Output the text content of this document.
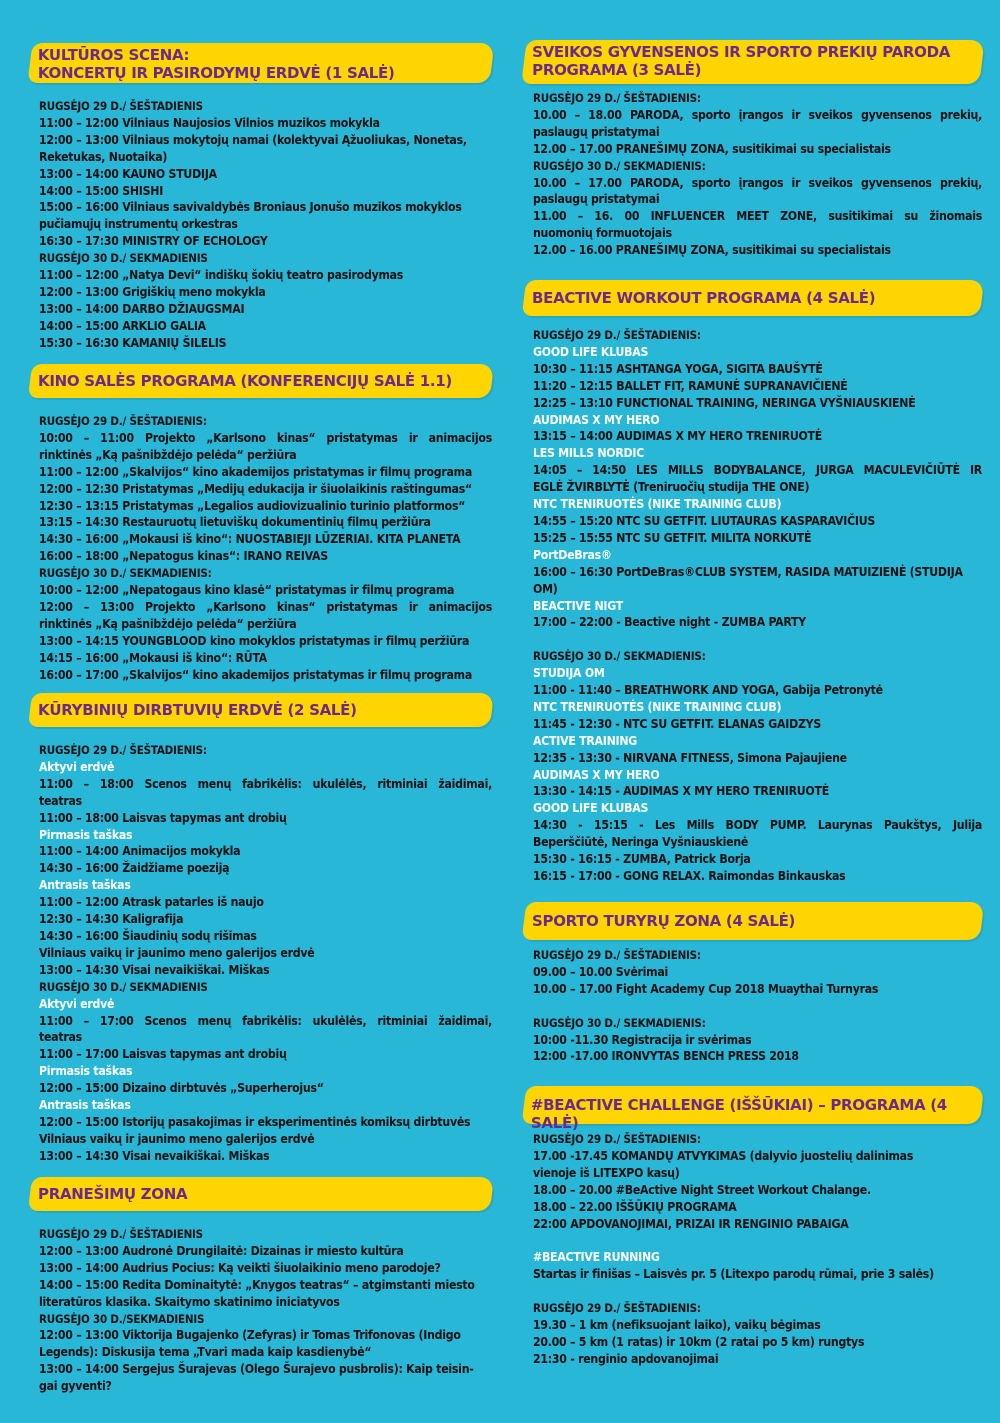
KULTŪROS SCENA:
KONCERTŲ IR PASIRODYMŲ ERDVĖ (1 SALĖ)
RUGSĖJO 29 D./ ŠEŠTADIENIS
11:00 – 12:00 Vilniaus Naujosios Vilnios muzikos mokykla
12:00 – 13:00 Vilniaus mokytojų namai (kolektyvai Ąžuoliukas, Nonetas,
Reketukas, Nuotaika)
13:00 – 14:00 KAUNO STUDIJA
14:00 – 15:00 SHISHI
15:00 – 16:00 Vilniaus savivaldybės Broniaus Jonušo muzikos mokyklos
pučiamųjų instrumentų orkestras
16:30 – 17:30 MINISTRY OF ECHOLOGY
RUGSĖJO 30 D./ SEKMADIENIS
11:00 – 12:00 „Natya Devi“ indiškų šokių teatro pasirodymas
12:00 – 13:00 Grigiškių meno mokykla
13:00 – 14:00 DARBO DŽIAUGSMAI
14:00 – 15:00 ARKLIO GALIA
15:30 – 16:30 KAMANIŲ ŠILELIS
KINO SALĖS PROGRAMA (KONFERENCIJŲ SALĖ 1.1)
RUGSĖJO 29 D./ ŠEŠTADIENIS:
10:00 – 11:00 Projekto „Karlsono kinas“ pristatymas ir animacijos
rinktinės „Ką pašnibždėjo pelėda“ peržiūra
11:00 – 12:00 „Skalvijos“ kino akademijos pristatymas ir filmų programa
12:00 – 12:30 Pristatymas „Medijų edukacija ir šiuolaikinis raštingumas“
12:30 – 13:15 Pristatymas „Legalios audiovizualinio turinio platformos“
13:15 – 14:30 Restauruotų lietuviškų dokumentinių filmų peržiūra
14:30 – 16:00 „Mokausi iš kino“: NUOSTABIEJI LŪZERIAI. KITA PLANETA
16:00 – 18:00 „Nepatogus kinas“: IRANO REIVAS
RUGSĖJO 30 D./ SEKMADIENIS:
10:00 – 12:00 „Nepatogaus kino klasė“ pristatymas ir filmų programa
12:00 – 13:00 Projekto „Karlsono kinas“ pristatymas ir animacijos
rinktinės „Ką pašnibždėjo pelėda“ peržiūra
13:00 – 14:15 YOUNGBLOOD kino mokyklos pristatymas ir filmų peržiūra
14:15 – 16:00 „Mokausi iš kino“: RŪTA
16:00 – 17:00 „Skalvijos“ kino akademijos pristatymas ir filmų programa
KŪRYBINIŲ DIRBTUVIŲ ERDVĖ (2 SALĖ)
RUGSĖJO 29 D./ ŠEŠTADIENIS:
Aktyvi erdvė
11:00 – 18:00 Scenos menų fabrikėlis: ukulėlės, ritminiai žaidimai,
teatras
11:00 – 18:00 Laisvas tapymas ant drobių
Pirmasis taškas
11:00 – 14:00 Animacijos mokykla
14:30 – 16:00 Žaidžiame poeziją
Antrasis taškas
11:00 – 12:00 Atrask patarles iš naujo
12:30 – 14:30 Kaligrafija
14:30 – 16:00 Šiaudinių sodų rišimas
Vilniaus vaikų ir jaunimo meno galerijos erdvė
13:00 – 14:30 Visai nevaikiškai. Miškas
RUGSĖJO 30 D./ SEKMADIENIS
Aktyvi erdvė
11:00 – 17:00 Scenos menų fabrikėlis: ukulėlės, ritminiai žaidimai,
teatras
11:00 – 17:00 Laisvas tapymas ant drobių
Pirmasis taškas
12:00 – 15:00 Dizaino dirbtuvės „Superherojus“
Antrasis taškas
12:00 – 15:00 Istorijų pasakojimas ir eksperimentinės komiksų dirbtuvės
Vilniaus vaikų ir jaunimo meno galerijos erdvė
13:00 – 14:30 Visai nevaikiškai. Miškas
PRANEŠIMŲ ZONA
RUGSĖJO 29 D./ ŠEŠTADIENIS
12:00 – 13:00 Audronė Drungilaitė: Dizainas ir miesto kultūra
13:00 – 14:00 Audrius Pocius: Ką veikti šiuolaikinio meno parodoje?
14:00 – 15:00 Redita Dominaitytė: „Knygos teatras“ – atgimstanti miesto
literatūros klasika. Skaitymo skatinimo iniciatyvos
RUGSĖJO 30 D./SEKMADIENIS
12:00 – 13:00 Viktorija Bugajenko (Zefyras) ir Tomas Trifonovas (Indigo
Legends): Diskusija tema „Tvari mada kaip kasdienybė“
13:00 – 14:00 Sergejus Šurajevas (Olego Šurajevo pusbrolis): Kaip teisin-
gai gyventi?
SVEIKOS GYVENSENOS IR SPORTO PREKIŲ PARODA
PROGRAMA (3 SALĖ)
RUGSĖJO 29 D./ ŠEŠTADIENIS:
10.00 – 18.00 PARODA, sporto įrangos ir sveikos gyvensenos prekių,
paslaugų pristatymai
12.00 – 17.00 PRANEŠIMŲ ZONA, susitikimai su specialistais
RUGSĖJO 30 D./ SEKMADIENIS:
10.00 – 17.00 PARODA, sporto įrangos ir sveikos gyvensenos prekių,
paslaugų pristatymai
11.00 – 16. 00 INFLUENCER MEET ZONE, susitikimai su žinomais
nuomonių formuotojais
12.00 – 16.00 PRANEŠIMŲ ZONA, susitikimai su specialistais
BEACTIVE WORKOUT PROGRAMA (4 SALĖ)
RUGSĖJO 29 D./ ŠEŠTADIENIS:
GOOD LIFE KLUBAS
10:30 – 11:15 ASHTANGA YOGA, SIGITA BAUŠYTĖ
11:20 – 12:15 BALLET FIT, RAMUNĖ SUPRANAVIČIENĖ
12:25 – 13:10 FUNCTIONAL TRAINING, NERINGA VYŠNIAUSKIENĖ
AUDIMAS X MY HERO
13:15 – 14:00 AUDIMAS X MY HERO TRENIRUOTĖ
LES MILLS NORDIC
14:05 – 14:50 LES MILLS BODYBALANCE, JURGA MACULEVIČIŪTĖ IR
EGLĖ ŽVIRBLYTĖ (Treniruočių studija THE ONE)
NTC TRENIRUOTĖS (NIKE TRAINING CLUB)
14:55 – 15:20 NTC SU GETFIT. LIUTAURAS KASPARAVIČIUS
15:25 – 15:55 NTC SU GETFIT. MILITA NORKUTĖ
PortDeBras®
16:00 – 16:30 PortDeBras®CLUB SYSTEM, RASIDA MATUIZIENĖ (STUDIJA
OM)
BEACTIVE NIGT
17:00 – 22:00 - Beactive night - ZUMBA PARTY
RUGSĖJO 30 D./ SEKMADIENIS:
STUDIJA OM
11:00 - 11:40 – BREATHWORK AND YOGA, Gabija Petronytė
NTC TRENIRUOTĖS (NIKE TRAINING CLUB)
11:45 - 12:30 - NTC SU GETFIT. ELANAS GAIDZYS
ACTIVE TRAINING
12:35 - 13:30 - NIRVANA FITNESS, Simona Pajaujiene
AUDIMAS X MY HERO
13:30 - 14:15 - AUDIMAS X MY HERO TRENIRUOTĖ
GOOD LIFE KLUBAS
14:30 - 15:15 - Les Mills BODY PUMP. Laurynas Paukštys, Julija
Beperščiūtė, Neringa Vyšniauskienė
15:30 - 16:15 - ZUMBA, Patrick Borja
16:15 - 17:00 - GONG RELAX. Raimondas Binkauskas
SPORTO TURYRŲ ZONA (4 SALĖ)
RUGSĖJO 29 D./ ŠEŠTADIENIS:
09.00 – 10.00 Svėrimai
10.00 – 17.00 Fight Academy Cup 2018 Muaythai Turnyras
RUGSĖJO 30 D./ SEKMADIENIS:
10:00 -11.30 Registracija ir svėrimas
12:00 -17.00 IRONVYTAS BENCH PRESS 2018
#BEACTIVE CHALLENGE (IŠŠŪKIAI) – PROGRAMA (4 SALĖ)
RUGSĖJO 29 D./ ŠEŠTADIENIS:
17.00 -17.45 KOMANDŲ ATVYKIMAS (dalyvio juostelių dalinimas
vienoje iš LITEXPO kasų)
18.00 – 20.00 #BeActive Night Street Workout Chalange.
18.00 – 22.00 IŠŠŪKIŲ PROGRAMA
22:00 APDOVANOJIMAI, PRIZAI IR RENGINIO PABAIGA
#BEACTIVE RUNNING
Startas ir finišas – Laisvės pr. 5 (Litexpo parodų rūmai, prie 3 salės)
RUGSĖJO 29 D./ ŠEŠTADIENIS:
19.30 – 1 km (nefiksuojant laiko), vaikų bėgimas
20.00 – 5 km (1 ratas) ir 10km (2 ratai po 5 km) rungtys
21:30 - renginio apdovanojimai
